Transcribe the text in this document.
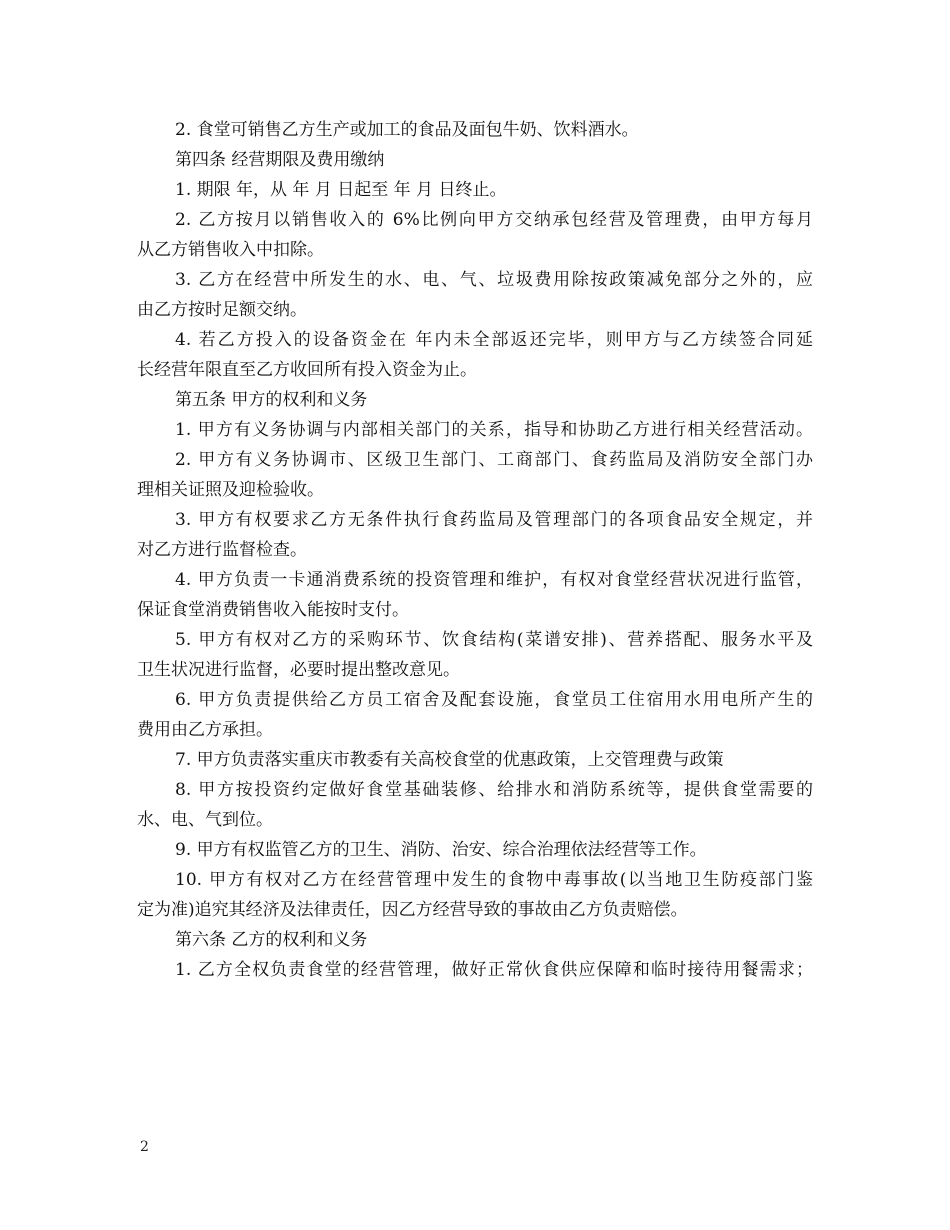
2. 食堂可销售乙方生产或加工的食品及面包牛奶、饮料酒水。
第四条 经营期限及费用缴纳
1. 期限 年，从 年 月 日起至 年 月 日终止。
2. 乙方按月以销售收入的 6%比例向甲方交纳承包经营及管理费，由甲方每月
从乙方销售收入中扣除。
3. 乙方在经营中所发生的水、电、气、垃圾费用除按政策减免部分之外的，应
由乙方按时足额交纳。
4. 若乙方投入的设备资金在 年内未全部返还完毕，则甲方与乙方续签合同延
长经营年限直至乙方收回所有投入资金为止。
第五条 甲方的权利和义务
1. 甲方有义务协调与内部相关部门的关系，指导和协助乙方进行相关经营活动。
2. 甲方有义务协调市、区级卫生部门、工商部门、食药监局及消防安全部门办
理相关证照及迎检验收。
3. 甲方有权要求乙方无条件执行食药监局及管理部门的各项食品安全规定，并
对乙方进行监督检查。
4. 甲方负责一卡通消费系统的投资管理和维护，有权对食堂经营状况进行监管，
保证食堂消费销售收入能按时支付。
5. 甲方有权对乙方的采购环节、饮食结构(菜谱安排)、营养搭配、服务水平及
卫生状况进行监督，必要时提出整改意见。
6. 甲方负责提供给乙方员工宿舍及配套设施，食堂员工住宿用水用电所产生的
费用由乙方承担。
7. 甲方负责落实重庆市教委有关高校食堂的优惠政策，上交管理费与政策
8. 甲方按投资约定做好食堂基础装修、给排水和消防系统等，提供食堂需要的
水、电、气到位。
9. 甲方有权监管乙方的卫生、消防、治安、综合治理依法经营等工作。
10. 甲方有权对乙方在经营管理中发生的食物中毒事故(以当地卫生防疫部门鉴
定为准)追究其经济及法律责任，因乙方经营导致的事故由乙方负责赔偿。
第六条 乙方的权利和义务
1. 乙方全权负责食堂的经营管理，做好正常伙食供应保障和临时接待用餐需求；
2
